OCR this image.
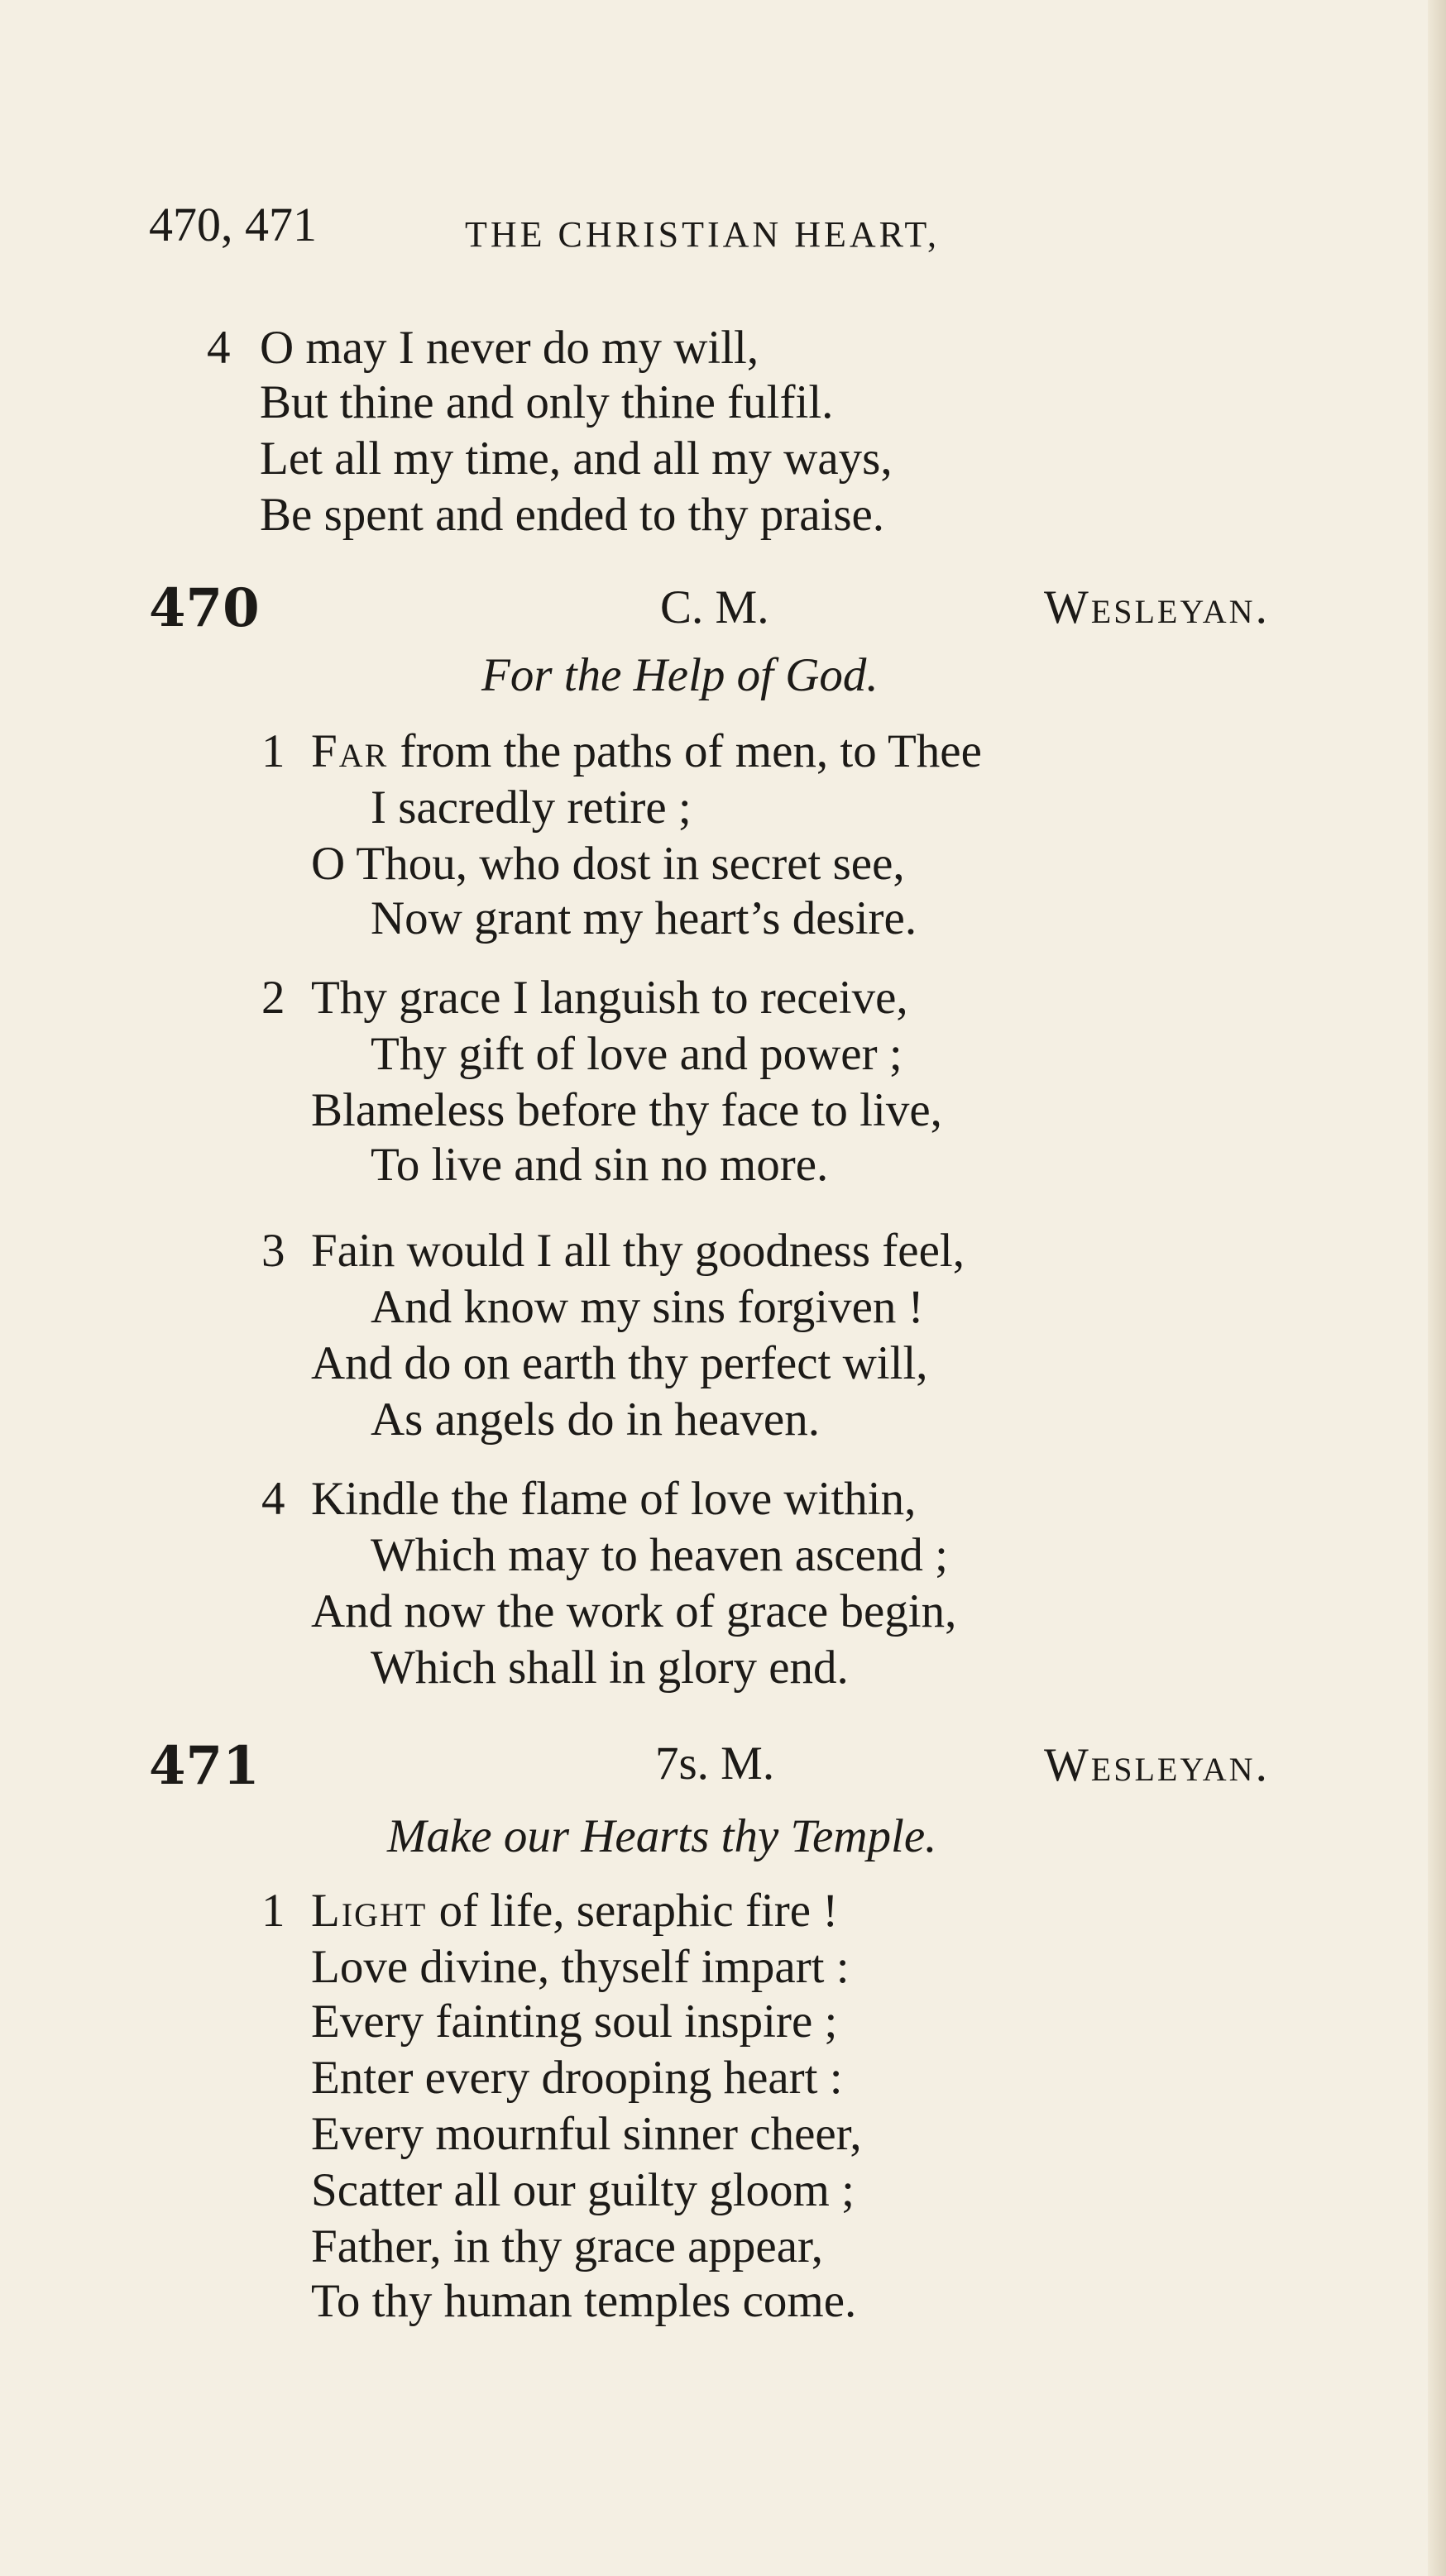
470, 471	THE CHRISTIAN HEART,
4 O may I never do my will,
But thine and only thine fulfil.
Let all my time, and all my ways,
Be spent and ended to thy praise.
470	C. M.	Wesleyan.
For the Help of God.
1 Far from the paths of men, to Thee
I sacredly retire ;
O Thou, who dost in secret see,
Now grant my heart’s desire.
2 Thy grace I languish to receive,
Thy gift of love and power ;
Blameless before thy face to live,
To live and sin no more.
3 Fain would I all thy goodness feel,
And know my sins forgiven !
And do on earth thy perfect will,
As angels do in heaven.
4 Kindle the flame of love within,
Which may to heaven ascend ;
And now the work of grace begin,
Which shall in glory end.
471	7s. M.	Wesleyan.
Make our Hearts thy Temple.
1 Light of life, seraphic fire !
Love divine, thyself impart :
Every fainting soul inspire ;
Enter every drooping heart :
Every mournful sinner cheer,
Scatter all our guilty gloom ;
Father, in thy grace appear,
To thy human temples come.
